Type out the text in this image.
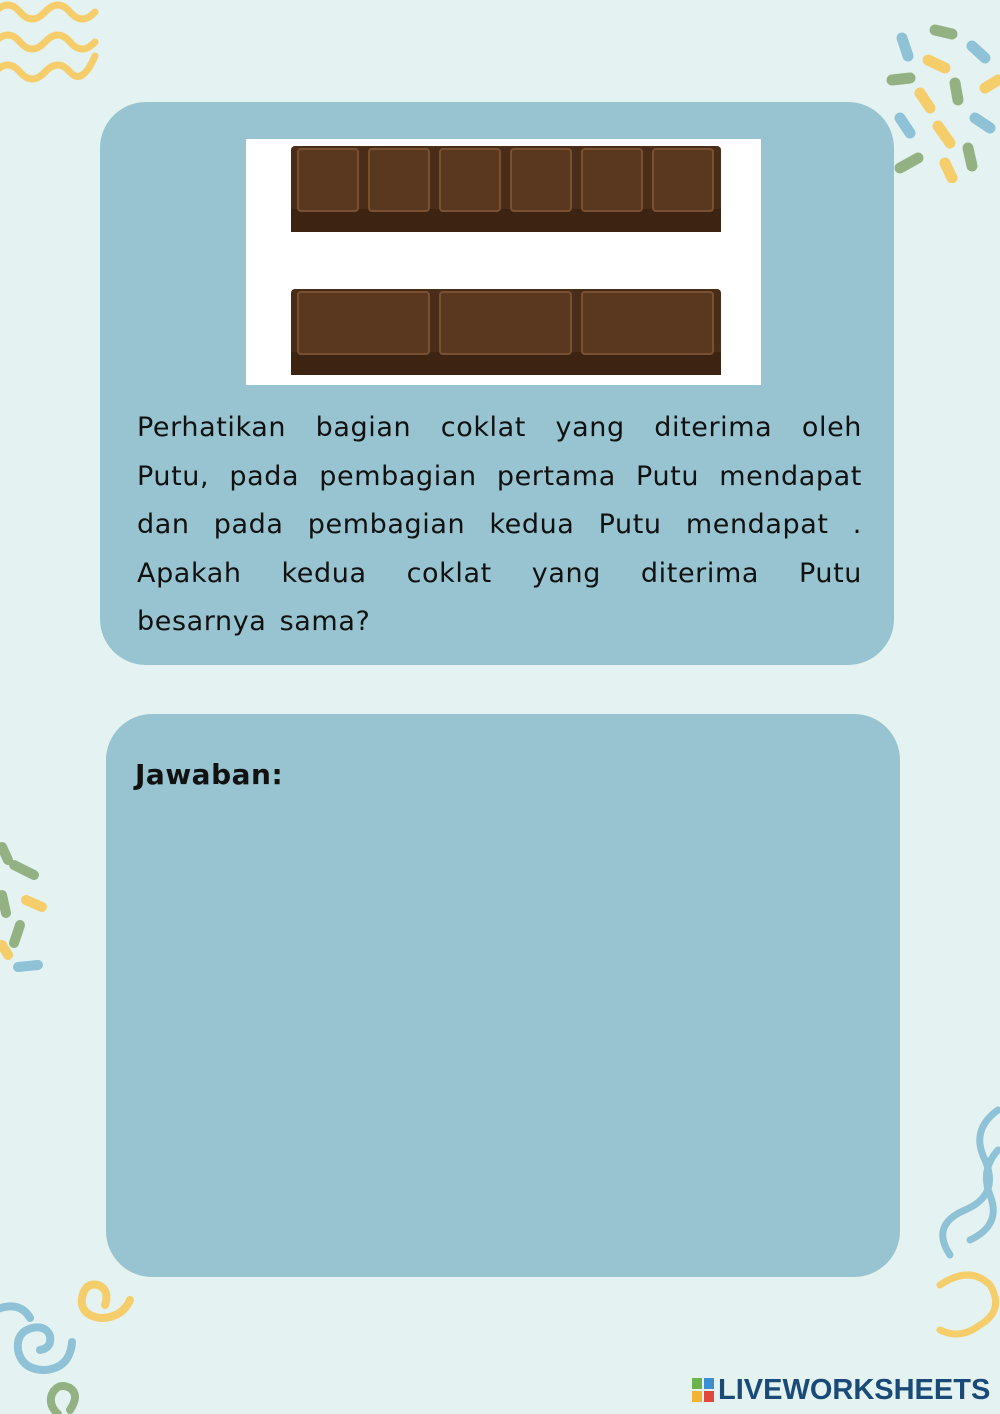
Perhatikan bagian coklat yang diterima oleh Putu, pada pembagian pertama Putu mendapat dan pada pembagian kedua Putu mendapat . Apakah kedua coklat yang diterima Putu besarnya sama?

Jawaban:

LIVEWORKSHEETS
